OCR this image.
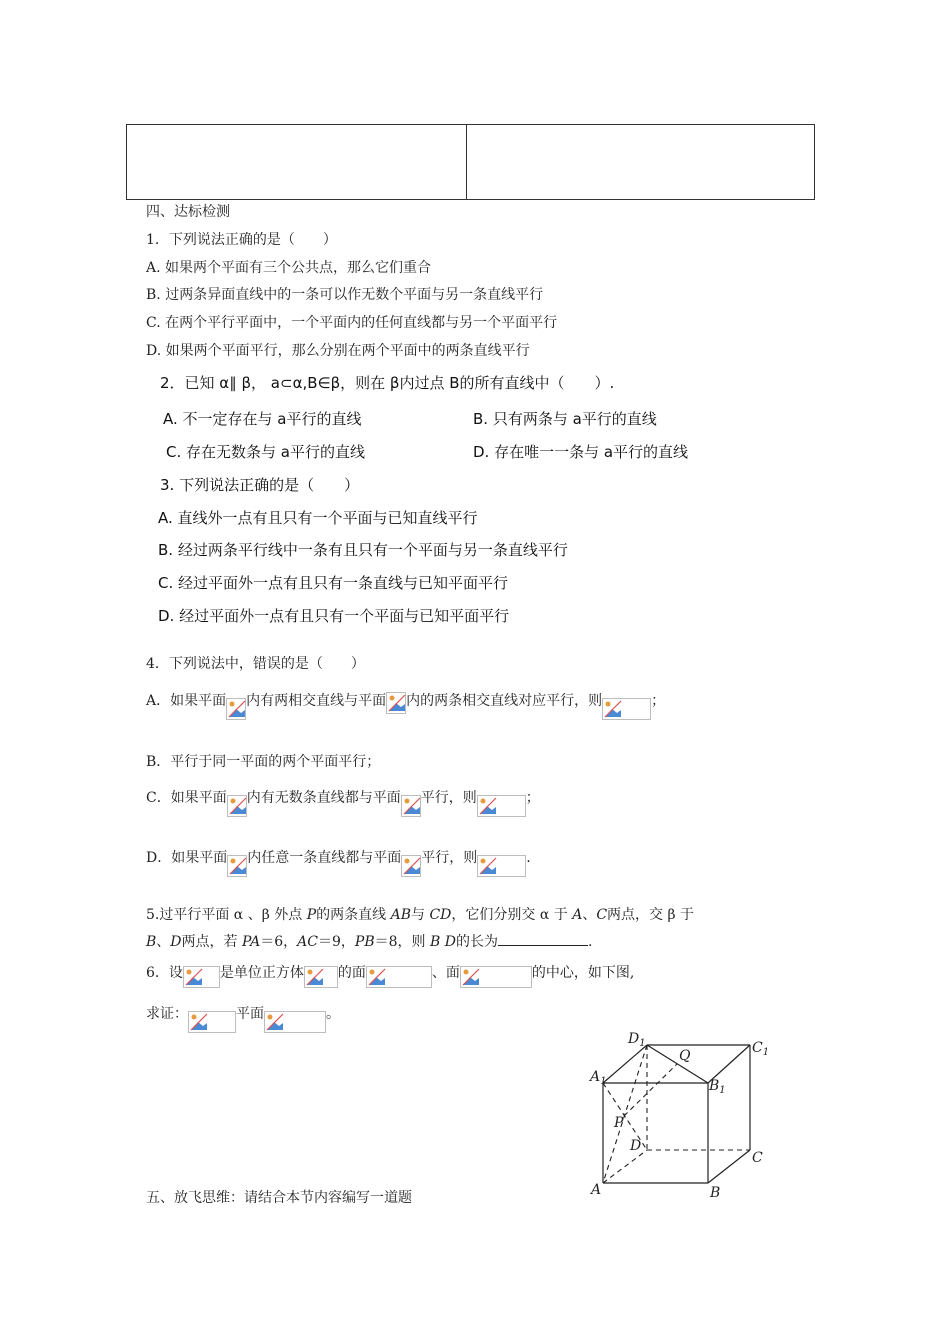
四、达标检测
1．下列说法正确的是（　　）
A. 如果两个平面有三个公共点，那么它们重合
B. 过两条异面直线中的一条可以作无数个平面与另一条直线平行
C. 在两个平行平面中，一个平面内的任何直线都与另一个平面平行
D. 如果两个平面平行，那么分别在两个平面中的两条直线平行
2．已知 α∥ β， a⊂α,B∈β，则在 β内过点 B的所有直线中（　　）.
A. 不一定存在与 a平行的直线	B. 只有两条与 a平行的直线
C. 存在无数条与 a平行的直线	D. 存在唯一一条与 a平行的直线
3. 下列说法正确的是（　　）
A. 直线外一点有且只有一个平面与已知直线平行
B. 经过两条平行线中一条有且只有一个平面与另一条直线平行
C. 经过平面外一点有且只有一条直线与已知平面平行
D. 经过平面外一点有且只有一个平面与已知平面平行
4．下列说法中，错误的是（　　）
A．如果平面 内有两相交直线与平面 内的两条相交直线对应平行，则	；
B．平行于同一平面的两个平面平行；
C．如果平面 内有无数条直线都与平面 平行，则	；
D．如果平面 内任意一条直线都与平面 平行，则	.
5.过平行平面 α 、β 外点 P的两条直线 AB与 CD，它们分别交 α 于 A、C两点，交 β 于
B、D两点，若 PA＝6，AC＝9，PB＝8，则 B D的长为	.
6．设	是单位正方体 的面	、面	的中心，如下图,
求证：	平面	。
$D_1$	$C_1$
$A_1$	$B_1$
Q
P
D
C
A	B
五、放飞思维：请结合本节内容编写一道题
